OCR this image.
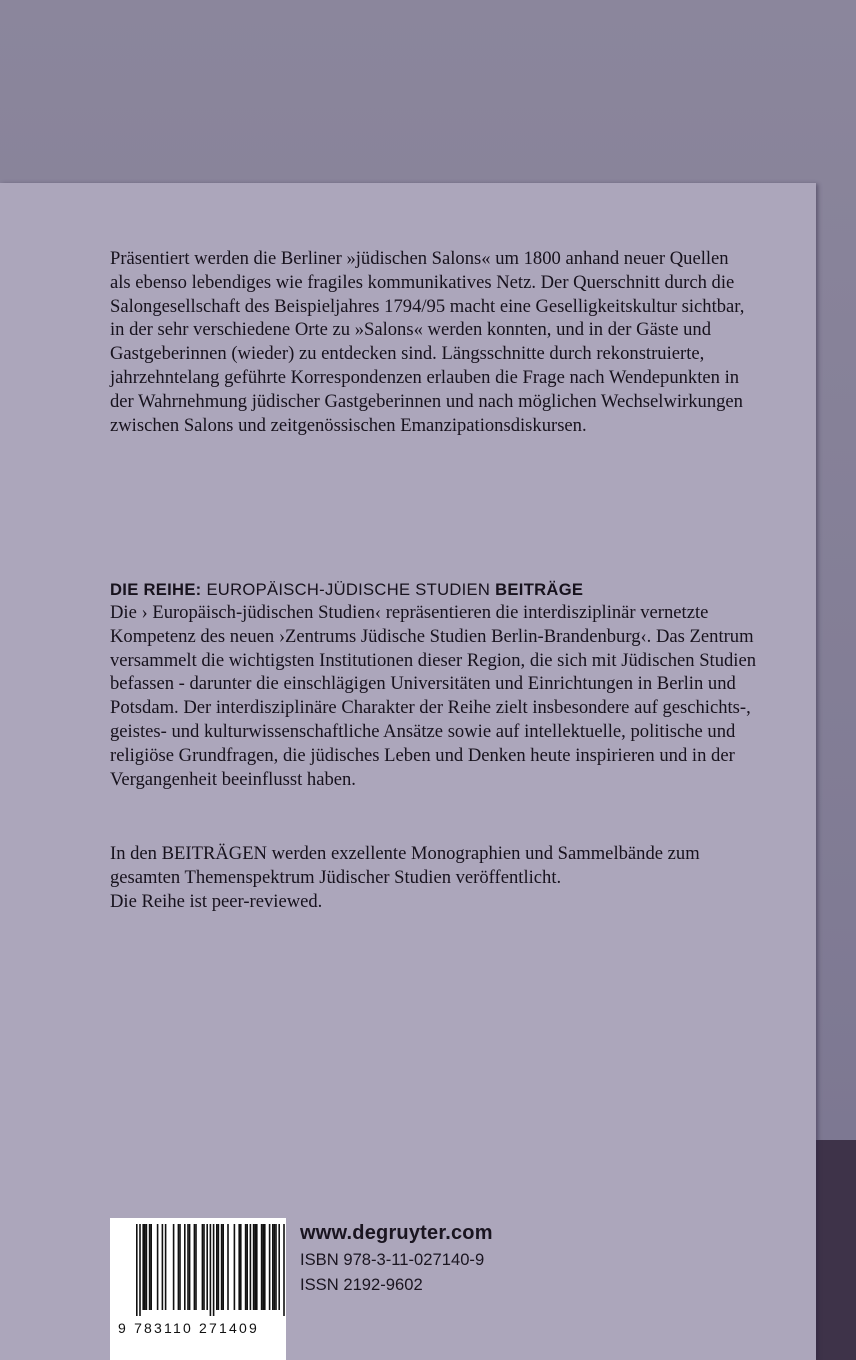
Präsentiert werden die Berliner »jüdischen Salons« um 1800 anhand neuer Quellen als ebenso lebendiges wie fragiles kommunikatives Netz. Der Querschnitt durch die Salongesellschaft des Beispieljahres 1794/95 macht eine Geselligkeitskultur sichtbar, in der sehr verschiedene Orte zu »Salons« werden konnten, und in der Gäste und Gastgeberinnen (wieder) zu entdecken sind. Längsschnitte durch rekonstruierte, jahrzehntelang geführte Korrespondenzen erlauben die Frage nach Wendepunkten in der Wahrnehmung jüdischer Gastgeberinnen und nach möglichen Wechselwirkungen zwischen Salons und zeitgenössischen Emanzipationsdiskursen.

DIE REIHE: EUROPÄISCH-JÜDISCHE STUDIEN BEITRÄGE

Die › Europäisch-jüdischen Studien‹ repräsentieren die interdisziplinär vernetzte Kompetenz des neuen ›Zentrums Jüdische Studien Berlin-Brandenburg‹. Das Zentrum versammelt die wichtigsten Institutionen dieser Region, die sich mit Jüdischen Studien befassen - darunter die einschlägigen Universitäten und Einrichtungen in Berlin und Potsdam. Der interdisziplinäre Charakter der Reihe zielt insbesondere auf geschichts-, geistes- und kulturwissenschaftliche Ansätze sowie auf intellektuelle, politische und religiöse Grundfragen, die jüdisches Leben und Denken heute inspirieren und in der Vergangenheit beeinflusst haben.

In den BEITRÄGEN werden exzellente Monographien und Sammelbände zum gesamten Themenspektrum Jüdischer Studien veröffentlicht.
Die Reihe ist peer-reviewed.
9 783110 271409
www.degruyter.com
ISBN 978-3-11-027140-9
ISSN 2192-9602
